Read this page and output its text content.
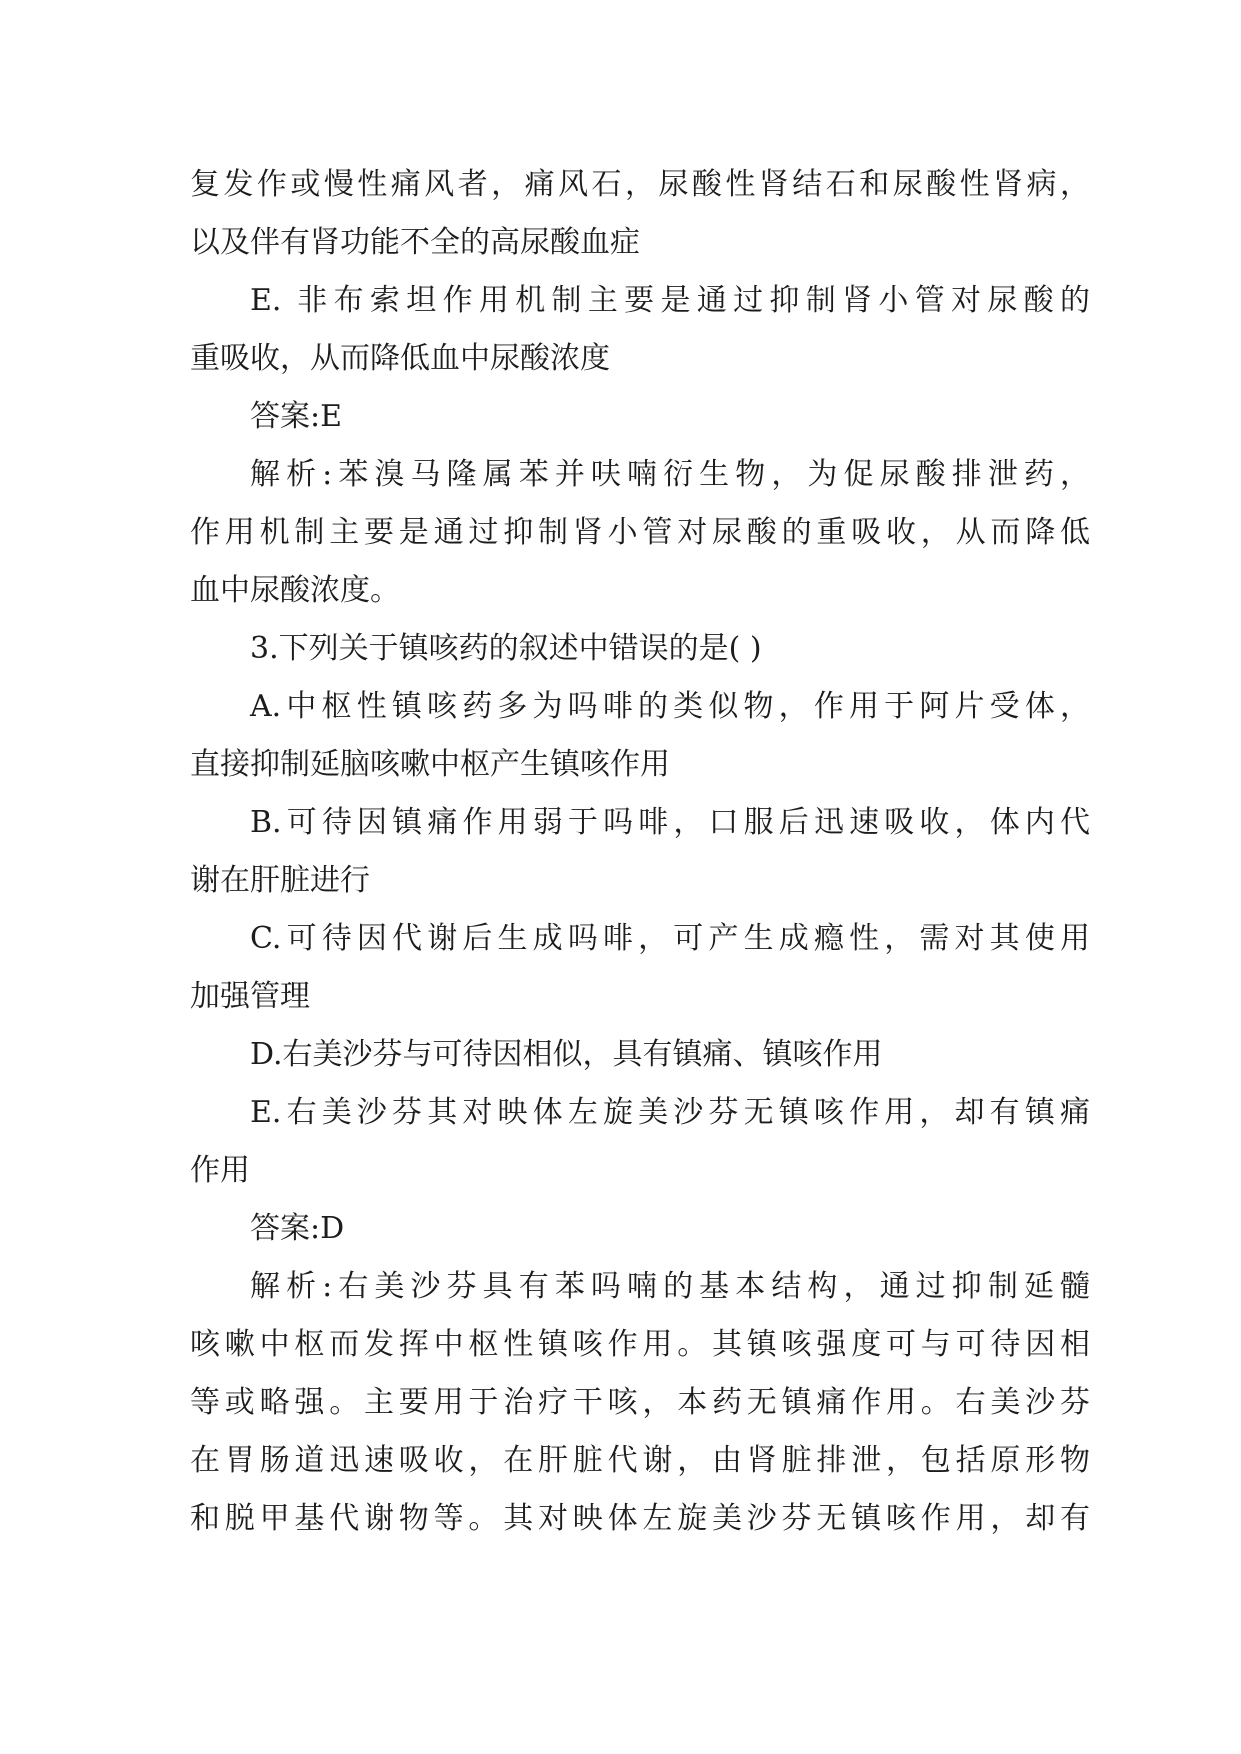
复发作或慢性痛风者，痛风石，尿酸性肾结石和尿酸性肾病，
以及伴有肾功能不全的高尿酸血症
E. 非布索坦作用机制主要是通过抑制肾小管对尿酸的
重吸收，从而降低血中尿酸浓度
答案:E
解析:苯溴马隆属苯并呋喃衍生物，为促尿酸排泄药，
作用机制主要是通过抑制肾小管对尿酸的重吸收，从而降低
血中尿酸浓度。
3.下列关于镇咳药的叙述中错误的是( )
A.中枢性镇咳药多为吗啡的类似物，作用于阿片受体，
直接抑制延脑咳嗽中枢产生镇咳作用
B.可待因镇痛作用弱于吗啡，口服后迅速吸收，体内代
谢在肝脏进行
C.可待因代谢后生成吗啡，可产生成瘾性，需对其使用
加强管理
D.右美沙芬与可待因相似，具有镇痛、镇咳作用
E.右美沙芬其对映体左旋美沙芬无镇咳作用，却有镇痛
作用
答案:D
解析:右美沙芬具有苯吗喃的基本结构，通过抑制延髓
咳嗽中枢而发挥中枢性镇咳作用。其镇咳强度可与可待因相
等或略强。主要用于治疗干咳，本药无镇痛作用。右美沙芬
在胃肠道迅速吸收，在肝脏代谢，由肾脏排泄，包括原形物
和脱甲基代谢物等。其对映体左旋美沙芬无镇咳作用，却有
